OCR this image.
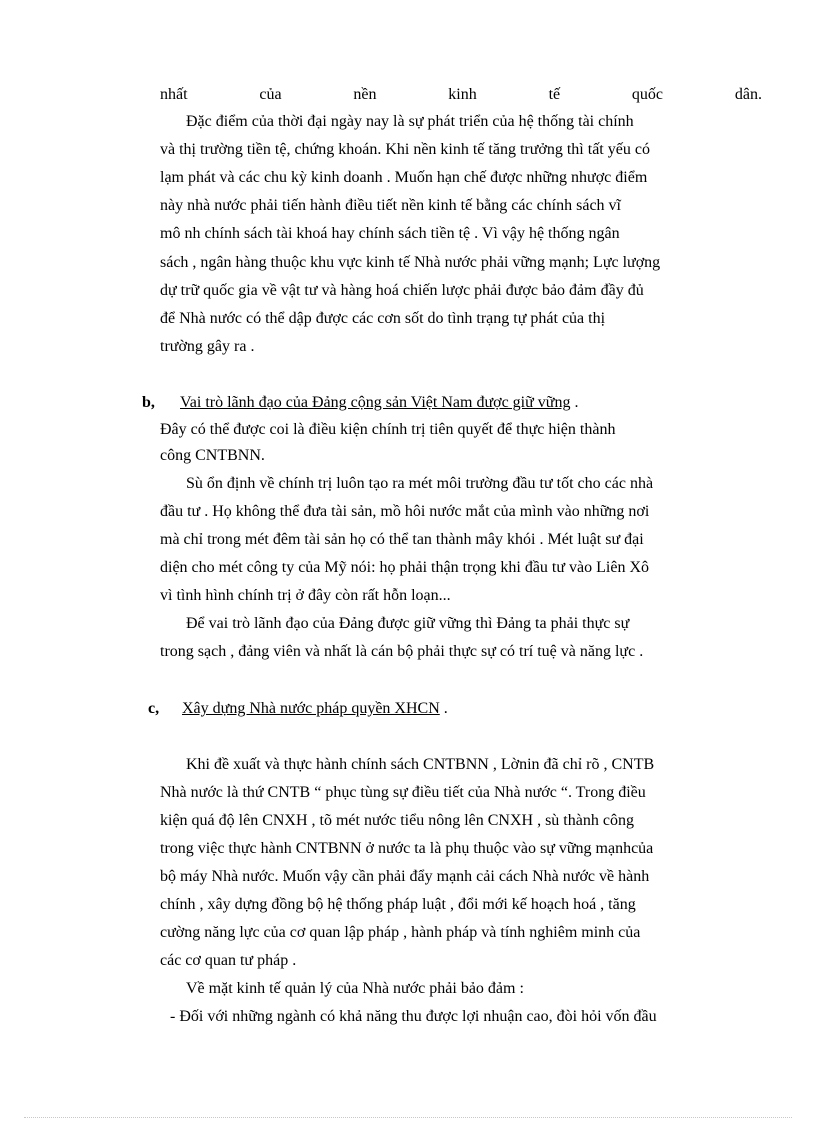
nhất	của	nền	kinh	tế	quốc	dân.
Đặc điểm của thời đại ngày nay là sự phát triển của hệ thống tài chính
và thị trường tiền tệ, chứng khoán. Khi nền kinh tế tăng trưởng thì tất yếu có
lạm phát và các chu kỳ kinh doanh . Muốn hạn chế được những nhược điểm
này nhà nước phải tiến hành điều tiết nền kinh tế bằng các chính sách vĩ
mô nh chính sách tài khoá hay chính sách tiền tệ . Vì vậy hệ thống ngân
sách , ngân hàng thuộc khu vực kinh tế Nhà nước phải vững mạnh; Lực lượng
dự trữ quốc gia về vật tư và hàng hoá chiến lược phải được bảo đảm đầy đủ
để Nhà nước có thể dập được các cơn sốt do tình trạng tự phát của thị
trường gây ra .
b, Vai trò lãnh đạo của Đảng cộng sản Việt Nam được giữ vững .
Đây có thể được coi là điều kiện chính trị tiên quyết để thực hiện thành
công CNTBNN.
Sù ổn định về chính trị luôn tạo ra mét môi trường đầu tư tốt cho các nhà
đầu tư . Họ không thể đưa tài sản, mồ hôi nước mắt của mình vào những nơi
mà chỉ trong mét đêm tài sản họ có thể tan thành mây khói . Mét luật sư đại
diện cho mét công ty của Mỹ nói: họ phải thận trọng khi đầu tư vào Liên Xô
vì tình hình chính trị ở đây còn rất hỗn loạn...
Để vai trò lãnh đạo của Đảng được giữ vững thì Đảng ta phải thực sự
trong sạch , đảng viên và nhất là cán bộ phải thực sự có trí tuệ và năng lực .
c, Xây dựng Nhà nước pháp quyền XHCN .
Khi đề xuất và thực hành chính sách CNTBNN , Lờnin đã chỉ rõ , CNTB
Nhà nước là thứ CNTB “ phục tùng sự điều tiết của Nhà nước “. Trong điều
kiện quá độ lên CNXH , tõ mét nước tiểu nông lên CNXH , sù thành công
trong việc thực hành CNTBNN ở nước ta là phụ thuộc vào sự vững mạnhcủa
bộ máy Nhà nước. Muốn vậy cần phải đẩy mạnh cải cách Nhà nước về hành
chính , xây dựng đồng bộ hệ thống pháp luật , đổi mới kế hoạch hoá , tăng
cường năng lực của cơ quan lập pháp , hành pháp và tính nghiêm minh của
các cơ quan tư pháp .
Về mặt kinh tế quản lý của Nhà nước phải bảo đảm :
- Đối với những ngành có khả năng thu được lợi nhuận cao, đòi hỏi vốn đầu
